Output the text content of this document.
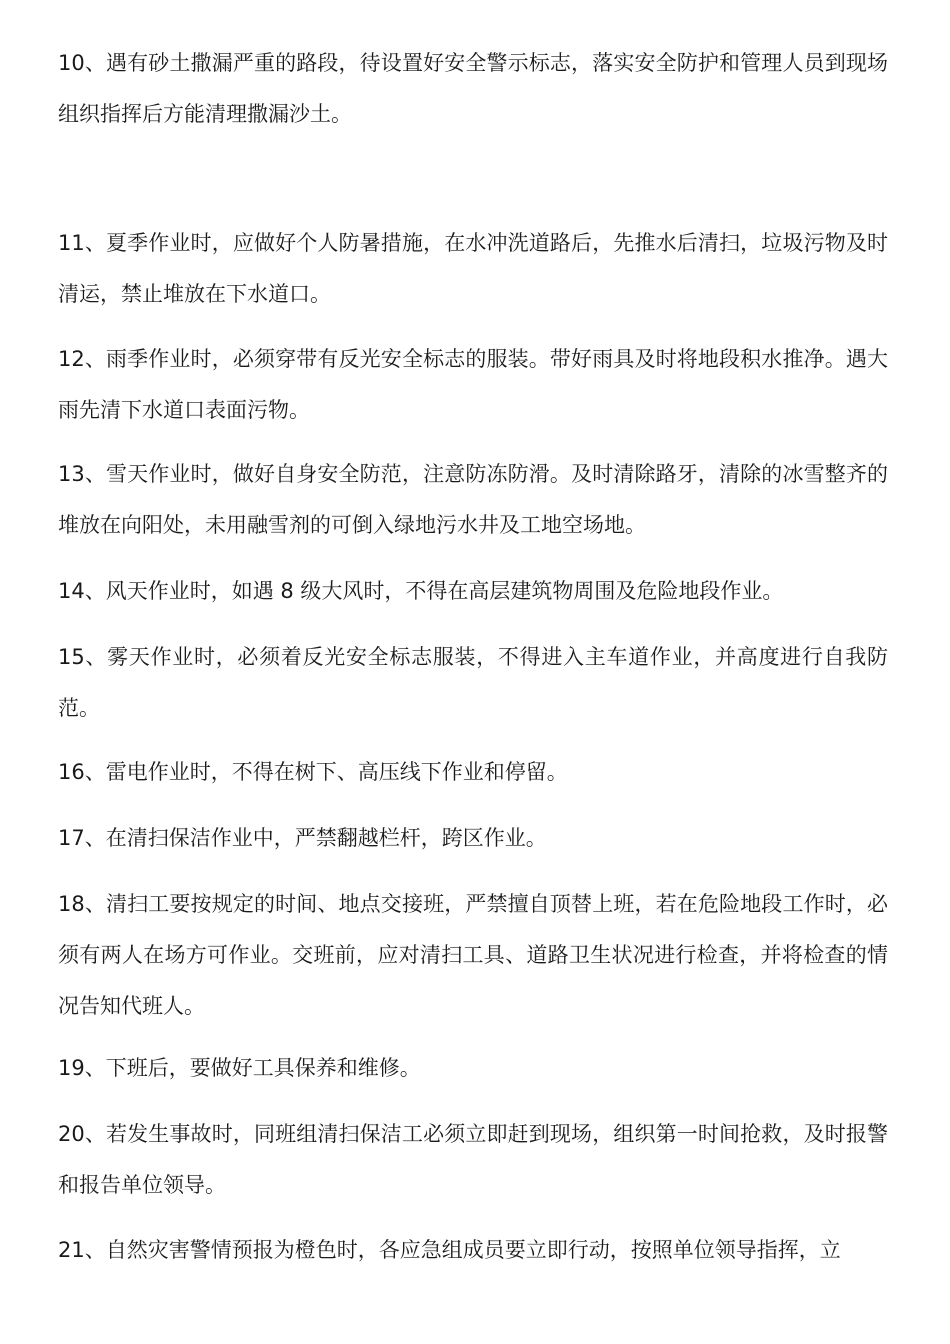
10、遇有砂土撒漏严重的路段，待设置好安全警示标志，落实安全防护和管理人员到现场组织指挥后方能清理撒漏沙土。

11、夏季作业时，应做好个人防暑措施，在水冲洗道路后，先推水后清扫，垃圾污物及时清运，禁止堆放在下水道口。

12、雨季作业时，必须穿带有反光安全标志的服装。带好雨具及时将地段积水推净。遇大雨先清下水道口表面污物。

13、雪天作业时，做好自身安全防范，注意防冻防滑。及时清除路牙，清除的冰雪整齐的堆放在向阳处，未用融雪剂的可倒入绿地污水井及工地空场地。

14、风天作业时，如遇 8 级大风时，不得在高层建筑物周围及危险地段作业。

15、雾天作业时，必须着反光安全标志服装，不得进入主车道作业，并高度进行自我防范。

16、雷电作业时，不得在树下、高压线下作业和停留。

17、在清扫保洁作业中，严禁翻越栏杆，跨区作业。

18、清扫工要按规定的时间、地点交接班，严禁擅自顶替上班，若在危险地段工作时，必须有两人在场方可作业。交班前，应对清扫工具、道路卫生状况进行检查，并将检查的情况告知代班人。

19、下班后，要做好工具保养和维修。

20、若发生事故时，同班组清扫保洁工必须立即赶到现场，组织第一时间抢救，及时报警和报告单位领导。

21、自然灾害警情预报为橙色时，各应急组成员要立即行动，按照单位领导指挥，立
